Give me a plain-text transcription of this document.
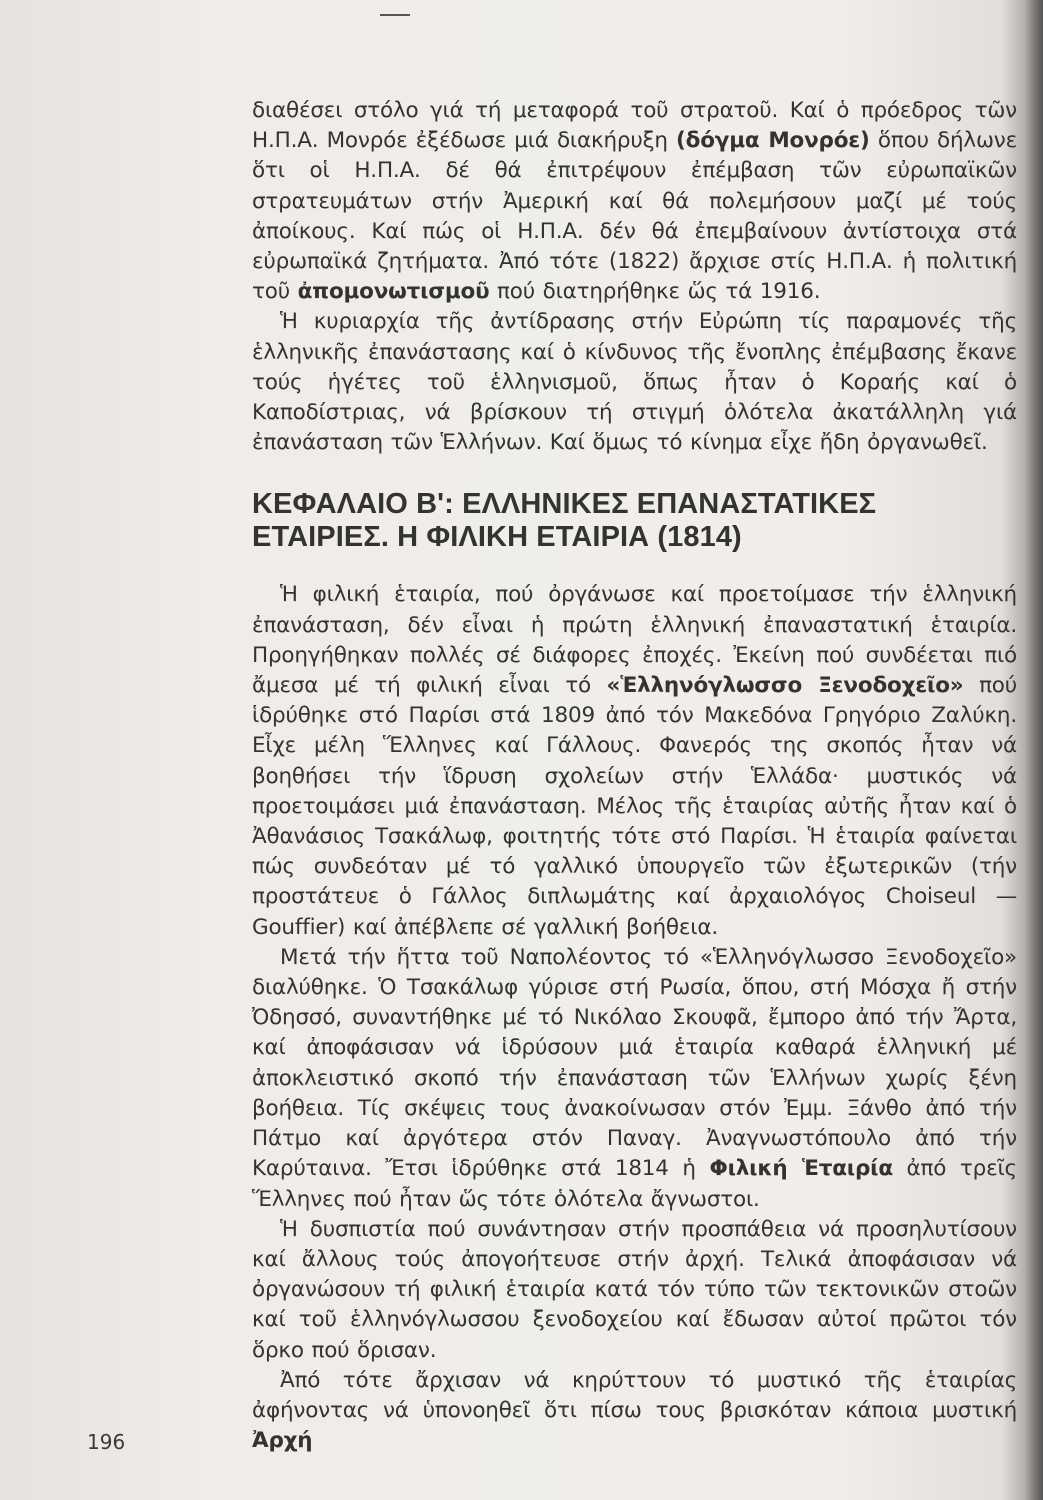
διαθέσει στόλο γιά τή μεταφορά τοῦ στρατοῦ. Καί ὁ πρόεδρος τῶν Η.Π.Α. Μονρόε ἐξέδωσε μιά διακήρυξη (δόγμα Μονρόε) ὅπου δήλωνε ὅτι οἱ Η.Π.Α. δέ θά ἐπιτρέψουν ἐπέμβαση τῶν εὐρωπαϊκῶν στρατευμάτων στήν Ἀμερική καί θά πολεμήσουν μαζί μέ τούς ἀποίκους. Καί πώς οἱ Η.Π.Α. δέν θά ἐπεμβαίνουν ἀντίστοιχα στά εὐρωπαϊκά ζητήματα. Ἀπό τότε (1822) ἄρχισε στίς Η.Π.Α. ἡ πολιτική τοῦ ἀπομονωτισμοῦ πού διατηρήθηκε ὥς τά 1916.

Ἡ κυριαρχία τῆς ἀντίδρασης στήν Εὐρώπη τίς παραμονές τῆς ἑλληνικῆς ἐπανάστασης καί ὁ κίνδυνος τῆς ἔνοπλης ἐπέμβασης ἔκανε τούς ἡγέτες τοῦ ἑλληνισμοῦ, ὅπως ἦταν ὁ Κοραής καί ὁ Καποδίστριας, νά βρίσκουν τή στιγμή ὁλότελα ἀκατάλληλη γιά ἐπανάσταση τῶν Ἑλλήνων. Καί ὅμως τό κίνημα εἶχε ἤδη ὀργανωθεῖ.

ΚΕΦΑΛΑΙΟ Β': ΕΛΛΗΝΙΚΕΣ ΕΠΑΝΑΣΤΑΤΙΚΕΣ ΕΤΑΙΡΙΕΣ. Η ΦΙΛΙΚΗ ΕΤΑΙΡΙΑ (1814)

Ἡ φιλική ἑταιρία, πού ὀργάνωσε καί προετοίμασε τήν ἑλληνική ἐπανάσταση, δέν εἶναι ἡ πρώτη ἑλληνική ἐπαναστατική ἑταιρία. Προηγήθηκαν πολλές σέ διάφορες ἐποχές. Ἐκείνη πού συνδέεται πιό ἄμεσα μέ τή φιλική εἶναι τό «Ἑλληνόγλωσσο Ξενοδοχεῖο» πού ἱδρύθηκε στό Παρίσι στά 1809 ἀπό τόν Μακεδόνα Γρηγόριο Ζαλύκη. Εἶχε μέλη Ἕλληνες καί Γάλλους. Φανερός της σκοπός ἦταν νά βοηθήσει τήν ἵδρυση σχολείων στήν Ἑλλάδα· μυστικός νά προετοιμάσει μιά ἐπανάσταση. Μέλος τῆς ἑταιρίας αὐτῆς ἦταν καί ὁ Ἀθανάσιος Τσακάλωφ, φοιτητής τότε στό Παρίσι. Ἡ ἑταιρία φαίνεται πώς συνδεόταν μέ τό γαλλικό ὑπουργεῖο τῶν ἐξωτερικῶν (τήν προστάτευε ὁ Γάλλος διπλωμάτης καί ἀρχαιολόγος Choiseul — Gouffier) καί ἀπέβλεπε σέ γαλλική βοήθεια.

Μετά τήν ἥττα τοῦ Ναπολέοντος τό «Ἑλληνόγλωσσο Ξενοδοχεῖο» διαλύθηκε. Ὁ Τσακάλωφ γύρισε στή Ρωσία, ὅπου, στή Μόσχα ἤ στήν Ὀδησσό, συναντήθηκε μέ τό Νικόλαο Σκουφᾶ, ἔμπορο ἀπό τήν Ἄρτα, καί ἀποφάσισαν νά ἱδρύσουν μιά ἑταιρία καθαρά ἑλληνική μέ ἀποκλειστικό σκοπό τήν ἐπανάσταση τῶν Ἑλλήνων χωρίς ξένη βοήθεια. Τίς σκέψεις τους ἀνακοίνωσαν στόν Ἐμμ. Ξάνθο ἀπό τήν Πάτμο καί ἀργότερα στόν Παναγ. Ἀναγνωστόπουλο ἀπό τήν Καρύταινα. Ἔτσι ἱδρύθηκε στά 1814 ἡ Φιλική Ἑταιρία ἀπό τρεῖς Ἕλληνες πού ἦταν ὥς τότε ὁλότελα ἄγνωστοι.

Ἡ δυσπιστία πού συνάντησαν στήν προσπάθεια νά προσηλυτίσουν καί ἄλλους τούς ἀπογοήτευσε στήν ἀρχή. Τελικά ἀποφάσισαν νά ὀργανώσουν τή φιλική ἑταιρία κατά τόν τύπο τῶν τεκτονικῶν στοῶν καί τοῦ ἑλληνόγλωσσου ξενοδοχείου καί ἔδωσαν αὐτοί πρῶτοι τόν ὅρκο πού ὅρισαν.

Ἀπό τότε ἄρχισαν νά κηρύττουν τό μυστικό τῆς ἑταιρίας ἀφήνοντας νά ὑπονοηθεῖ ὅτι πίσω τους βρισκόταν κάποια μυστική Ἀρχή

196
